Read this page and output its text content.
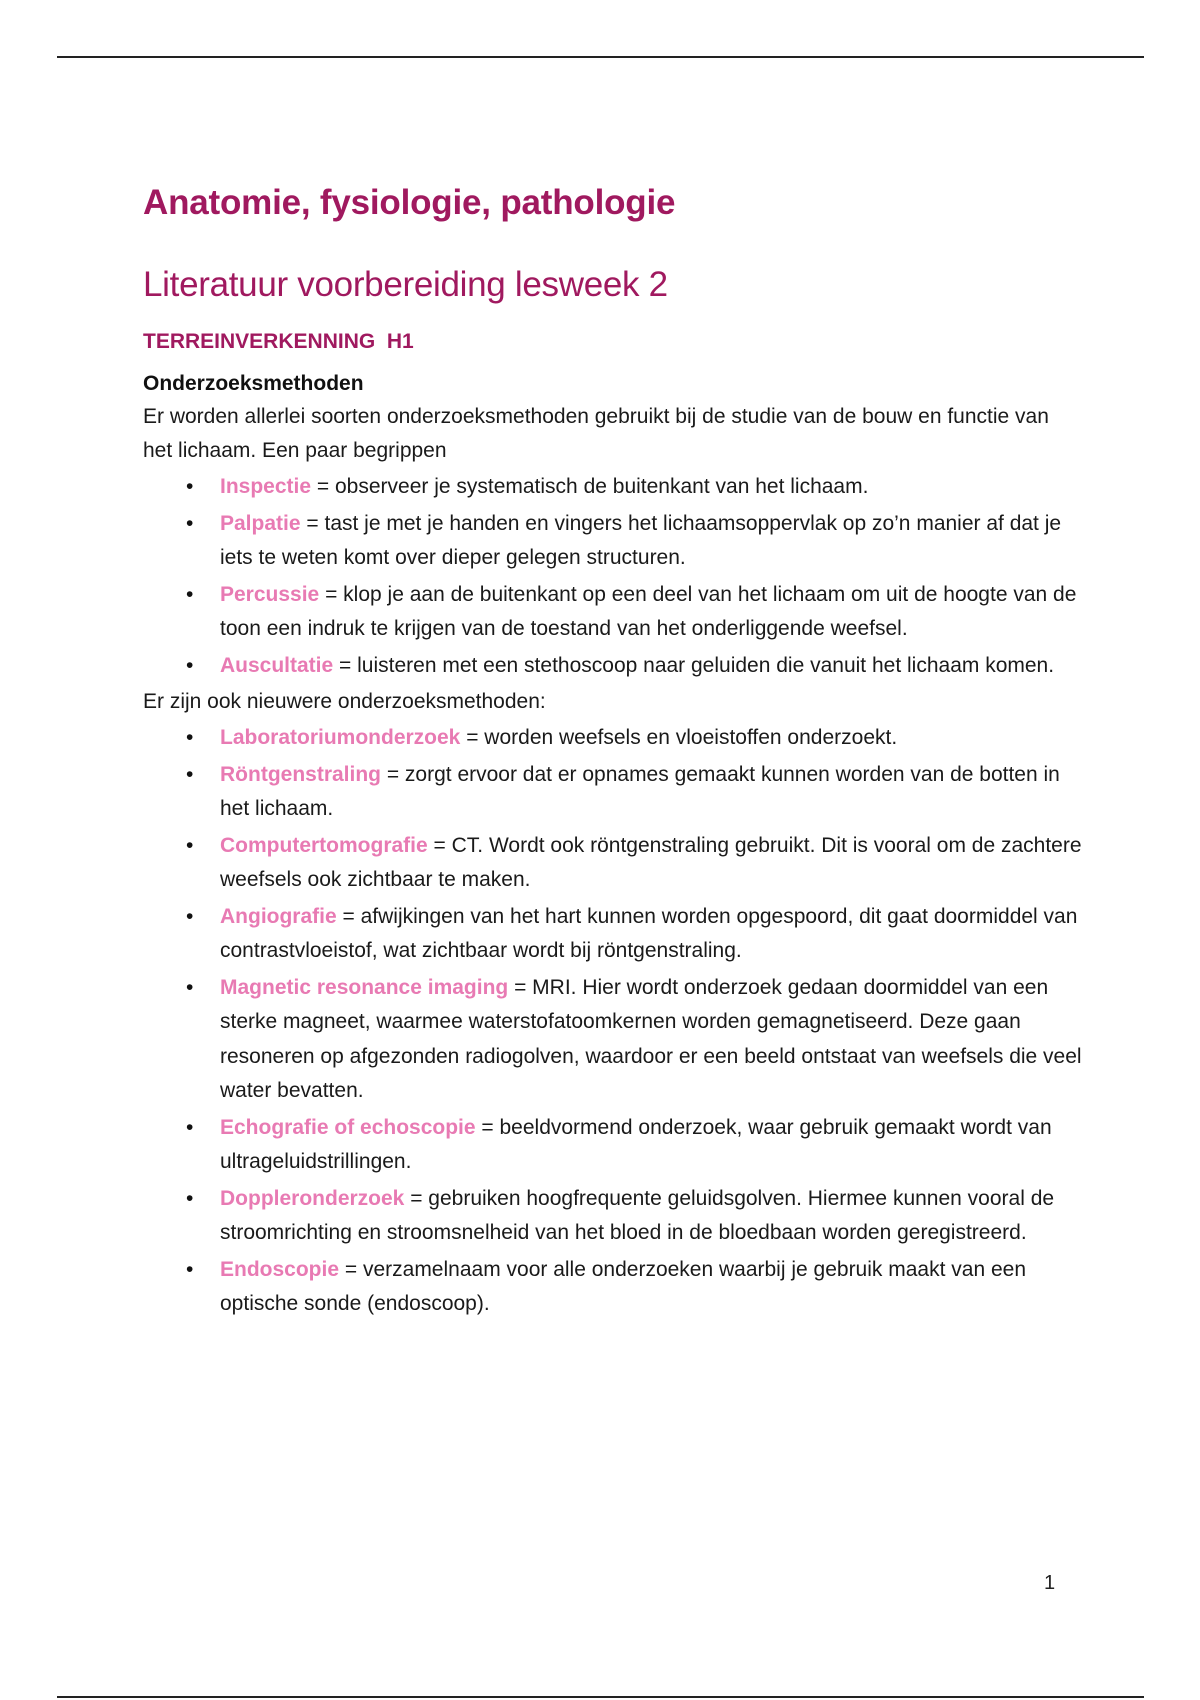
Anatomie, fysiologie, pathologie
Literatuur voorbereiding lesweek 2
TERREINVERKENNING  H1
Onderzoeksmethoden

Er worden allerlei soorten onderzoeksmethoden gebruikt bij de studie van de bouw en functie van het lichaam. Een paar begrippen

• Inspectie = observeer je systematisch de buitenkant van het lichaam.
• Palpatie = tast je met je handen en vingers het lichaamsoppervlak op zo’n manier af dat je iets te weten komt over dieper gelegen structuren.
• Percussie = klop je aan de buitenkant op een deel van het lichaam om uit de hoogte van de toon een indruk te krijgen van de toestand van het onderliggende weefsel.
• Auscultatie = luisteren met een stethoscoop naar geluiden die vanuit het lichaam komen.

Er zijn ook nieuwere onderzoeksmethoden:

• Laboratoriumonderzoek = worden weefsels en vloeistoffen onderzoekt.
• Röntgenstraling = zorgt ervoor dat er opnames gemaakt kunnen worden van de botten in het lichaam.
• Computertomografie = CT. Wordt ook röntgenstraling gebruikt. Dit is vooral om de zachtere weefsels ook zichtbaar te maken.
• Angiografie = afwijkingen van het hart kunnen worden opgespoord, dit gaat doormiddel van contrastvloeistof, wat zichtbaar wordt bij röntgenstraling.
• Magnetic resonance imaging = MRI. Hier wordt onderzoek gedaan doormiddel van een sterke magneet, waarmee waterstofatoomkernen worden gemagnetiseerd. Deze gaan resoneren op afgezonden radiogolven, waardoor er een beeld ontstaat van weefsels die veel water bevatten.
• Echografie of echoscopie = beeldvormend onderzoek, waar gebruik gemaakt wordt van ultrageluidstrillingen.
• Doppleronderzoek = gebruiken hoogfrequente geluidsgolven. Hiermee kunnen vooral de stroomrichting en stroomsnelheid van het bloed in de bloedbaan worden geregistreerd.
• Endoscopie = verzamelnaam voor alle onderzoeken waarbij je gebruik maakt van een optische sonde (endoscoop).
1
